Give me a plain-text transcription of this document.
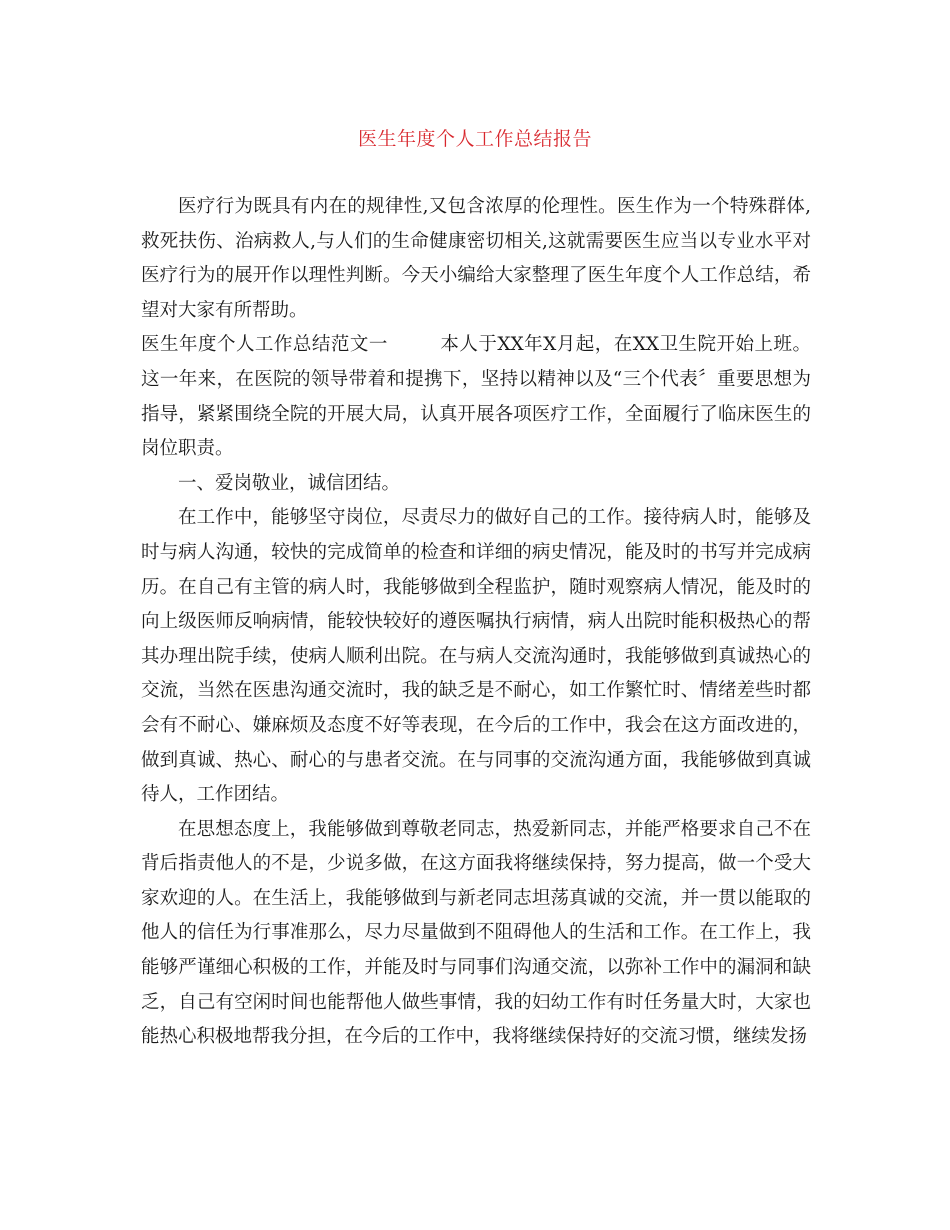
医生年度个人工作总结报告

医疗行为既具有内在的规律性,又包含浓厚的伦理性。医生作为一个特殊群体,救死扶伤、治病救人,与人们的生命健康密切相关,这就需要医生应当以专业水平对医疗行为的展开作以理性判断。今天小编给大家整理了医生年度个人工作总结，希望对大家有所帮助。

医生年度个人工作总结范文一	本人于XX年X月起，在XX卫生院开始上班。这一年来，在医院的领导带着和提携下，坚持以精神以及“三个代表〞重要思想为指导，紧紧围绕全院的开展大局，认真开展各项医疗工作，全面履行了临床医生的岗位职责。

一、爱岗敬业，诚信团结。

在工作中，能够坚守岗位，尽责尽力的做好自己的工作。接待病人时，能够及时与病人沟通，较快的完成简单的检查和详细的病史情况，能及时的书写并完成病历。在自己有主管的病人时，我能够做到全程监护，随时观察病人情况，能及时的向上级医师反响病情，能较快较好的遵医嘱执行病情，病人出院时能积极热心的帮其办理出院手续，使病人顺利出院。在与病人交流沟通时，我能够做到真诚热心的交流，当然在医患沟通交流时，我的缺乏是不耐心，如工作繁忙时、情绪差些时都会有不耐心、嫌麻烦及态度不好等表现，在今后的工作中，我会在这方面改进的，做到真诚、热心、耐心的与患者交流。在与同事的交流沟通方面，我能够做到真诚待人，工作团结。

在思想态度上，我能够做到尊敬老同志，热爱新同志，并能严格要求自己不在背后指责他人的不是，少说多做，在这方面我将继续保持，努力提高，做一个受大家欢迎的人。在生活上，我能够做到与新老同志坦荡真诚的交流，并一贯以能取的他人的信任为行事准那么，尽力尽量做到不阻碍他人的生活和工作。在工作上，我能够严谨细心积极的工作，并能及时与同事们沟通交流，以弥补工作中的漏洞和缺乏，自己有空闲时间也能帮他人做些事情，我的妇幼工作有时任务量大时，大家也能热心积极地帮我分担，在今后的工作中，我将继续保持好的交流习惯，继续发扬
